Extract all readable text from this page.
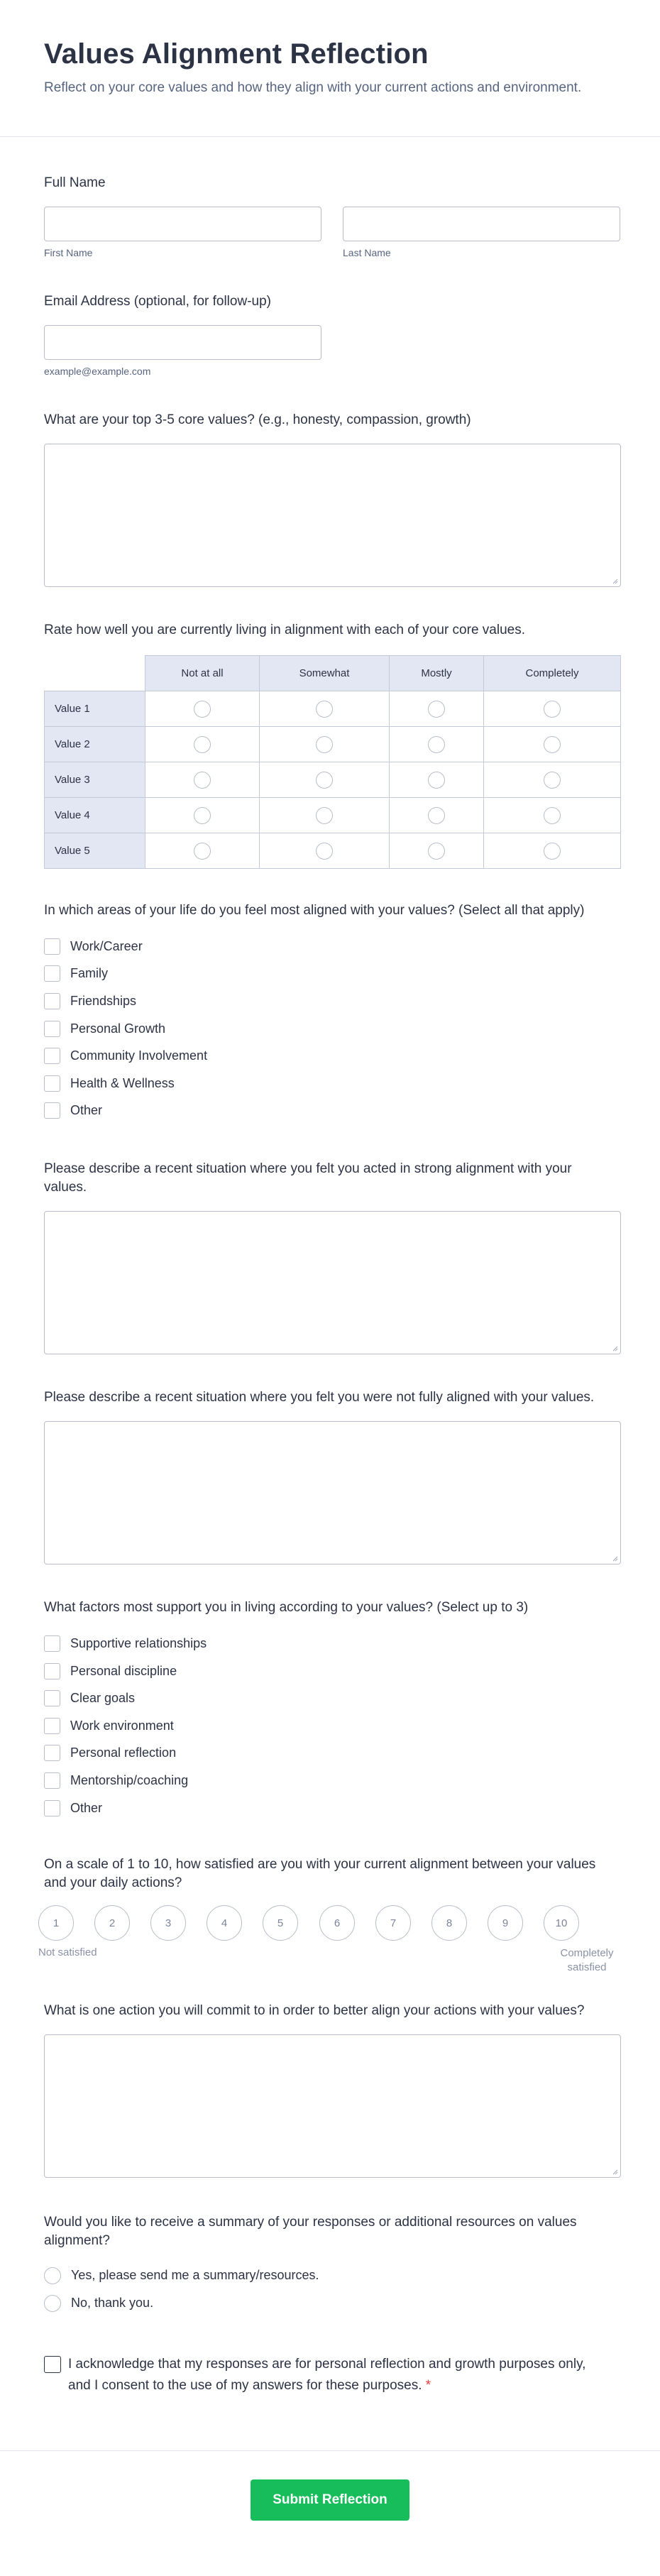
Values Alignment Reflection

Reflect on your core values and how they align with your current actions and environment.

Full Name
First Name	Last Name
Email Address (optional, for follow-up)
example@example.com
What are your top 3-5 core values? (e.g., honesty, compassion, growth)
Rate how well you are currently living in alignment with each of your core values.
	Not at all	Somewhat	Mostly	Completely
Value 1				
Value 2				
Value 3				
Value 4				
Value 5				
In which areas of your life do you feel most aligned with your values? (Select all that apply)
Work/Career
Family
Friendships
Personal Growth
Community Involvement
Health & Wellness
Other
Please describe a recent situation where you felt you acted in strong alignment with your values.
Please describe a recent situation where you felt you were not fully aligned with your values.
What factors most support you in living according to your values? (Select up to 3)
Supportive relationships
Personal discipline
Clear goals
Work environment
Personal reflection
Mentorship/coaching
Other
On a scale of 1 to 10, how satisfied are you with your current alignment between your values and your daily actions?
1	2	3	4	5	6	7	8	9	10
Not satisfied	Completely satisfied
What is one action you will commit to in order to better align your actions with your values?
Would you like to receive a summary of your responses or additional resources on values alignment?
Yes, please send me a summary/resources.
No, thank you.
I acknowledge that my responses are for personal reflection and growth purposes only, and I consent to the use of my answers for these purposes. *
Submit Reflection
